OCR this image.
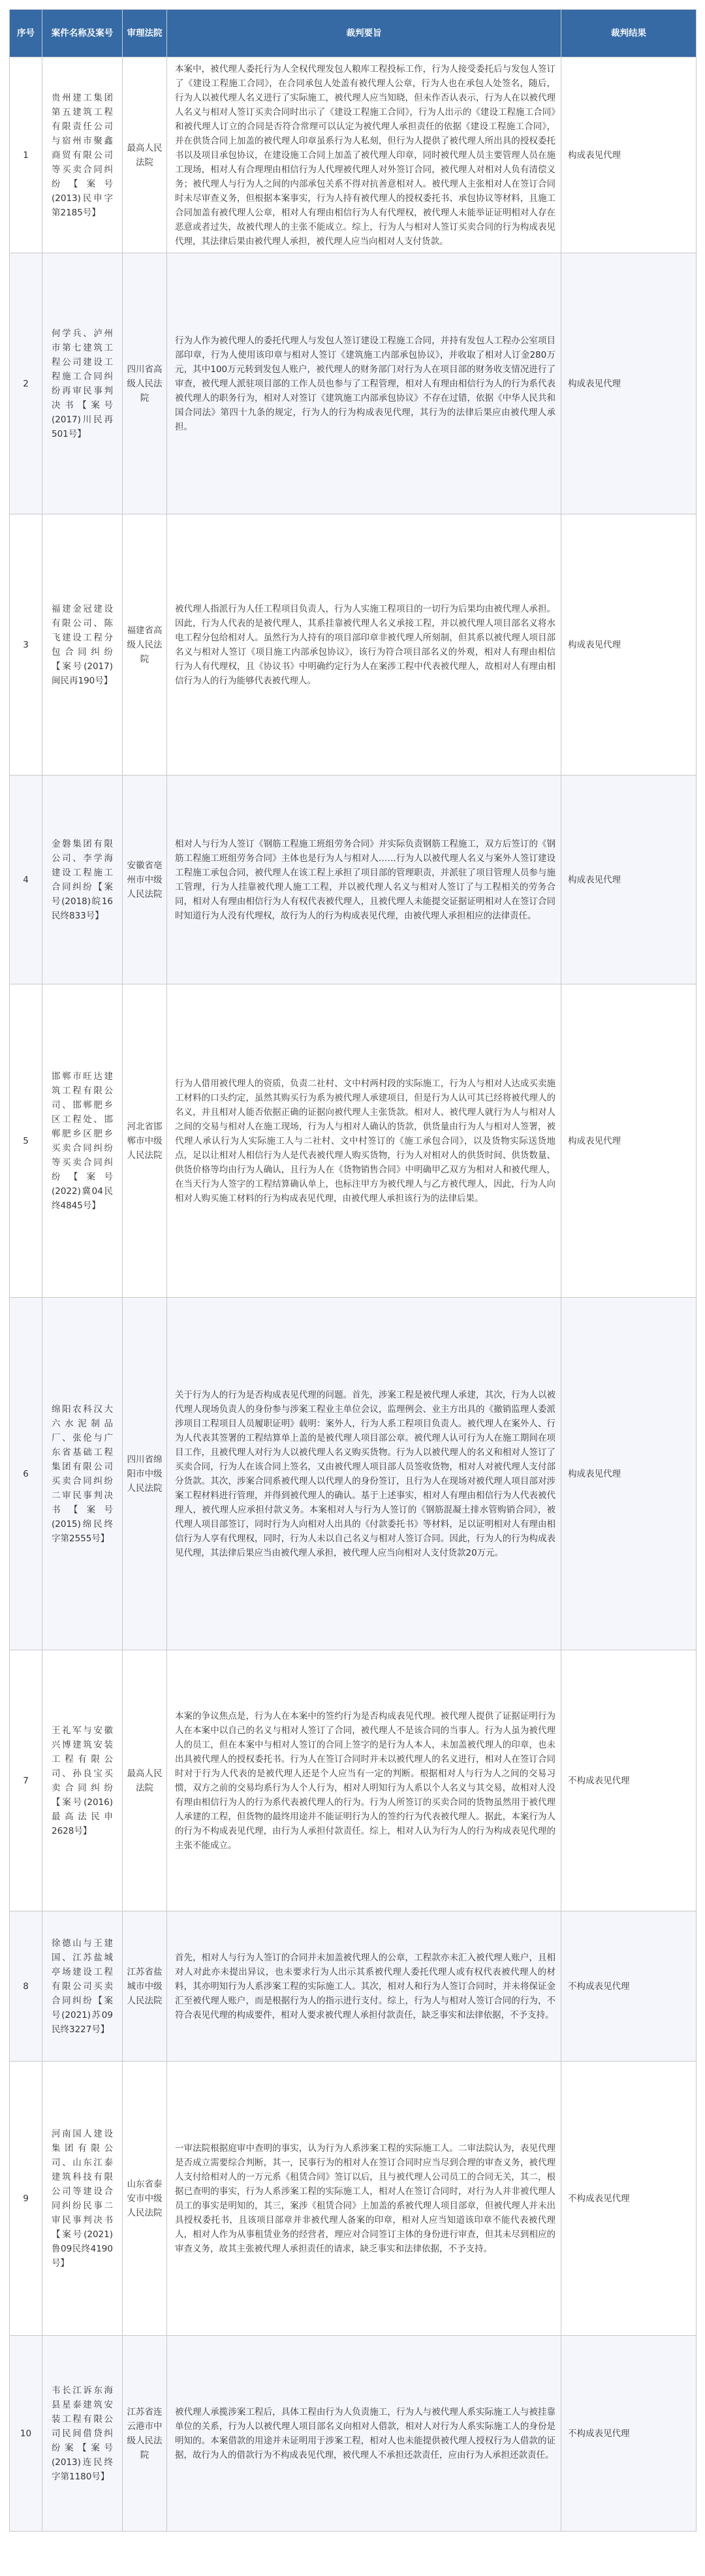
序号	案件名称及案号	审理法院	裁判要旨	裁判结果
1	贵州建工集团第五建筑工程有限责任公司与宿州市聚鑫商贸有限公司等买卖合同纠纷【案号(2013)民申字第2185号】	最高人民法院	本案中，被代理人委托行为人全权代理发包人粮库工程投标工作，行为人接受委托后与发包人签订了《建设工程施工合同》，在合同承包人处盖有被代理人公章，行为人也在承包人处签名，随后，行为人以被代理人名义进行了实际施工，被代理人应当知晓，但未作否认表示，行为人在以被代理人名义与相对人签订买卖合同时出示了《建设工程施工合同》，行为人出示的《建设工程施工合同》和被代理人订立的合同是否符合常理可以认定为被代理人承担责任的依据《建设工程施工合同》，并在供货合同上加盖的被代理人印章虽系行为人私刻，但行为人提供了被代理人所出具的授权委托书以及项目承包协议，在建设施工合同上加盖了被代理人印章，同时被代理人员主要管理人员在施工现场，相对人有合理理由相信行为人代理被代理人对外签订合同，被代理人对相对人负有清偿义务；被代理人与行为人之间的内部承包关系不得对抗善意相对人。被代理人主张相对人在签订合同时未尽审查义务，但根据本案事实，行为人持有被代理人的授权委托书、承包协议等材料，且施工合同加盖有被代理人公章，相对人有理由相信行为人有代理权，被代理人未能举证证明相对人存在恶意或者过失，故被代理人的主张不能成立。综上，行为人与相对人签订买卖合同的行为构成表见代理，其法律后果由被代理人承担，被代理人应当向相对人支付货款。	构成表见代理
2	何学兵、泸州市第七建筑工程公司建设工程施工合同纠纷再审民事判决书【案号(2017)川民再501号】	四川省高级人民法院	行为人作为被代理人的委托代理人与发包人签订建设工程施工合同，并持有发包人工程办公室项目部印章，行为人使用该印章与相对人签订《建筑施工内部承包协议》，并收取了相对人订金280万元，其中100万元转到发包人账户，被代理人的财务部门对行为人在项目部的财务收支情况进行了审查，被代理人派驻项目部的工作人员也参与了工程管理，相对人有理由相信行为人的行为系代表被代理人的职务行为，相对人对签订《建筑施工内部承包协议》不存在过错，依据《中华人民共和国合同法》第四十九条的规定，行为人的行为构成表见代理，其行为的法律后果应由被代理人承担。	构成表见代理
3	福建金冠建设有限公司、陈飞建设工程分包合同纠纷【案号(2017)闽民再190号】	福建省高级人民法院	被代理人指派行为人任工程项目负责人，行为人实施工程项目的一切行为后果均由被代理人承担。因此，行为人代表的是被代理人，其系挂靠被代理人名义承接工程，并以被代理人项目部名义将水电工程分包给相对人。虽然行为人持有的项目部印章非被代理人所刻制，但其系以被代理人项目部名义与相对人签订《项目施工内部承包协议》，该行为符合项目部名义的外观，相对人有理由相信行为人有代理权，且《协议书》中明确约定行为人在案涉工程中代表被代理人，故相对人有理由相信行为人的行为能够代表被代理人。	构成表见代理
4	金磐集团有限公司、李学海建设工程施工合同纠纷【案号(2018)皖16民终833号】	安徽省亳州市中级人民法院	相对人与行为人签订《钢筋工程施工班组劳务合同》并实际负责钢筋工程施工，双方后签订的《钢筋工程施工班组劳务合同》主体也是行为人与相对人……行为人以被代理人名义与案外人签订建设工程施工承包合同，被代理人在该工程上承担了项目部的管理职责，并派驻了项目管理人员参与施工管理，行为人挂靠被代理人施工工程，并以被代理人名义与相对人签订了与工程相关的劳务合同，相对人有理由相信行为人有权代表被代理人，且被代理人未能提交证据证明相对人在签订合同时知道行为人没有代理权，故行为人的行为构成表见代理，由被代理人承担相应的法律责任。	构成表见代理
5	邯郸市旺达建筑工程有限公司、邯郸肥乡区工程处、邯郸肥乡区肥乡买卖合同纠纷等买卖合同纠纷【案号(2022)冀04民终4845号】	河北省邯郸市中级人民法院	行为人借用被代理人的资质，负责二社村、文中村两村段的实际施工，行为人与相对人达成买卖施工材料的口头约定，虽然其购买行为系为被代理人承建项目，但是行为人认可其已经将被代理人的名义，并且相对人能否依据正确的证据向被代理人主张货款。相对人、被代理人就行为人与相对人之间的交易与相对人在施工现场，行为人与相对人确认的货款，供货量由行为人与相对人签署，被代理人承认行为人实际施工人与二社村、文中村签订的《施工承包合同》，以及货物实际送货地点，足以让相对人相信行为人是代表被代理人购买货物，行为人对相对人的供货时间、供货数量、供货价格等均由行为人确认，且行为人在《货物销售合同》中明确甲乙双方为相对人和被代理人，在当天行为人签字的工程结算确认单上，也标注甲方为被代理人与乙方被代理人，因此，行为人向相对人购买施工材料的行为构成表见代理，由被代理人承担该行为的法律后果。	构成表见代理
6	绵阳农科汉大六水泥制品厂、张伦与广东省基础工程集团有限公司买卖合同纠纷二审民事判决书【案号(2015)绵民终字第2555号】	四川省绵阳市中级人民法院	关于行为人的行为是否构成表见代理的问题。首先，涉案工程是被代理人承建，其次，行为人以被代理人现场负责人的身份参与涉案工程业主单位会议，监理例会、业主方出具的《撤销监理人委派涉项目工程项目人员履职证明》载明：案外人，行为人系工程项目负责人。被代理人在案外人、行为人代表其签署的工程结算单上盖的是被代理人项目部公章。被代理人认可行为人在施工期间在项目工作，且被代理人对行为人以被代理人名义购买货物。行为人以被代理人的名义和相对人签订了买卖合同，行为人在该合同上签名，又由被代理人项目部人员签收货物，相对人对被代理人支付部分货款。其次，涉案合同系被代理人以代理人的身份签订，且行为人在现场对被代理人项目部对涉案工程材料进行管理，并得到被代理人的确认。基于上述事实，相对人有理由相信行为人代表被代理人，被代理人应承担付款义务。本案相对人与行为人签订的《钢筋混凝土排水管购销合同》，被代理人项目部签订，同时行为人向相对人出具的《付款委托书》等材料，足以证明相对人有理由相信行为人享有代理权，同时，行为人未以自己名义与相对人签订合同。因此，行为人的行为构成表见代理，其法律后果应当由被代理人承担，被代理人应当向相对人支付货款20万元。	构成表见代理
7	王礼军与安徽兴博建筑安装工程有限公司、孙良宝买卖合同纠纷【案号(2016)最高法民申2628号】	最高人民法院	本案的争议焦点是，行为人在本案中的签约行为是否构成表见代理。被代理人提供了证据证明行为人在本案中以自己的名义与相对人签订了合同，被代理人不是该合同的当事人。行为人虽为被代理人的员工，但在本案中与相对人签订的合同上签字的是行为人本人，未加盖被代理人的印章，也未出具被代理人的授权委托书。行为人在签订合同时并未以被代理人的名义进行，相对人在签订合同时对于行为人代表的是被代理人还是个人应当有一定的判断。根据相对人与行为人之间的交易习惯，双方之前的交易均系行为人个人行为，相对人明知行为人系以个人名义与其交易，故相对人没有理由相信行为人的行为系代表被代理人的行为。行为人所签订的买卖合同的货物虽然用于被代理人承建的工程，但货物的最终用途并不能证明行为人的签约行为代表被代理人。据此，本案行为人的行为不构成表见代理，由行为人承担付款责任。综上，相对人认为行为人的行为构成表见代理的主张不能成立。	不构成表见代理
8	徐德山与王建国、江苏盐城亭场建设工程有限公司买卖合同纠纷【案号(2021)苏09民终3227号】	江苏省盐城市中级人民法院	首先，相对人与行为人签订的合同并未加盖被代理人的公章，工程款亦未汇入被代理人账户，且相对人对此亦未提出异议，也未要求行为人出示其系被代理人委托代理人或有权代表被代理人的材料，其亦明知行为人系涉案工程的实际施工人。其次，相对人和行为人签订合同时，并未将保证金汇至被代理人账户，而是根据行为人的指示进行支付。综上，行为人与相对人签订合同的行为，不符合表见代理的构成要件，相对人要求被代理人承担付款责任，缺乏事实和法律依据，不予支持。	不构成表见代理
9	河南国人建设集团有限公司、山东江泰建筑科技有限公司等建设合同纠纷民事二审民事判决书【案号(2021)鲁09民终4190号】	山东省泰安市中级人民法院	一审法院根据庭审中查明的事实，认为行为人系涉案工程的实际施工人。二审法院认为，表见代理是否成立需要综合判断，其一，民事行为的相对人在签订合同时应当尽到合理的审查义务，被代理人支付给相对人的一万元系《租赁合同》签订以后，且与被代理人公司员工的合同无关，其二，根据已查明的事实，行为人系涉案工程的实际施工人，相对人在签订合同时，对行为人并非被代理人员工的事实是明知的，其三，案涉《租赁合同》上加盖的系被代理人项目部章，但被代理人并未出具授权委托书，且该项目部章并非被代理人备案的印章，相对人应当知道该印章不能代表被代理人，相对人作为从事租赁业务的经营者，理应对合同签订主体的身份进行审查，但其未尽到相应的审查义务，故其主张被代理人承担责任的请求，缺乏事实和法律依据，不予支持。	不构成表见代理
10	韦长江诉东海县星泰建筑安装工程有限公司民间借贷纠纷案【案号(2013)连民终字第1180号】	江苏省连云港市中级人民法院	被代理人承揽涉案工程后，具体工程由行为人负责施工，行为人与被代理人系实际施工人与被挂靠单位的关系，行为人以被代理人项目部名义向相对人借款，相对人对行为人系实际施工人的身份是明知的。本案借款的用途并未证明用于涉案工程，相对人也未能提供被代理人授权行为人借款的证据，故行为人的借款行为不构成表见代理，被代理人不承担还款责任，应由行为人承担还款责任。	不构成表见代理
